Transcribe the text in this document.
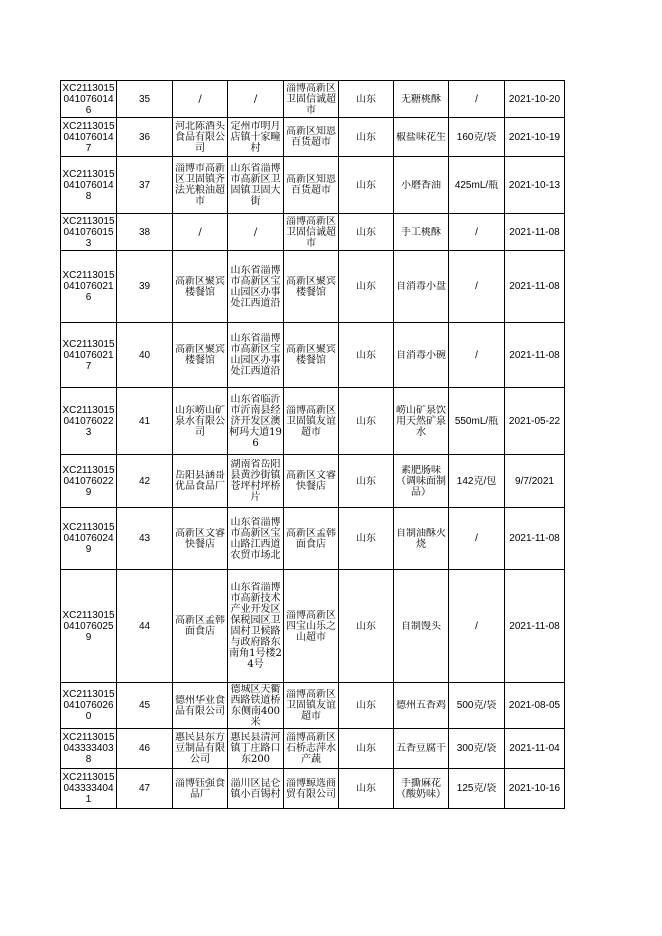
XC2113015041076014 6	35	/	/	淄博高新区卫固信诚超市	山东	无糖桃酥	/	2021-10-20

XC2113015041076014 7	36	河北陈酒头食品有限公司	定州市明月店镇十家疃村	高新区知恩百货超市	山东	椒盐味花生	160克/袋	2021-10-19

XC2113015041076014 8	37	淄博市高新区卫固镇齐法光粮油超市	山东省淄博市高新区卫固镇卫固大街	高新区知恩百货超市	山东	小磨香油	425mL/瓶	2021-10-13

XC2113015041076015 3	38	/	/	淄博高新区卫固信诚超市	山东	手工桃酥	/	2021-11-08

XC2113015041076021 6	39	高新区聚宾楼餐馆	山东省淄博市高新区宝山园区办事处江西道沿	高新区聚宾楼餐馆	山东	自消毒小盘	/	2021-11-08

XC2113015041076021 7	40	高新区聚宾楼餐馆	山东省淄博市高新区宝山园区办事处江西道沿	高新区聚宾楼餐馆	山东	自消毒小碗	/	2021-11-08

XC2113015041076022 3	41	山东崂山矿泉水有限公司	山东省临沂市沂南县经济开发区澳柯玛大道196	淄博高新区卫固镇友谊超市	山东	崂山矿泉饮用天然矿泉水	550mL/瓶	2021-05-22

XC2113015041076022 9	42	岳阳县涵哥优品食品厂	湖南省岳阳县黄沙街镇苍坪村坪桥片	高新区文睿快餐店	山东	素肥肠味（调味面制品）	142克/包	9/7/2021

XC2113015041076024 9	43	高新区文睿快餐店	山东省淄博市高新区宝山路江西道农贸市场北	高新区孟韩面食店	山东	自制油酥火烧	/	2021-11-08

XC2113015041076025 9	44	高新区孟韩面食店	山东省淄博市高新技术产业开发区保税园区卫固村卫候路与政府路东南角1号楼24号	淄博高新区四宝山乐之山超市	山东	自制馒头	/	2021-11-08

XC2113015041076026 0	45	德州华业食品有限公司	德城区天衢西路铁道桥东侧南400米	淄博高新区卫固镇友谊超市	山东	德州五香鸡	500克/袋	2021-08-05

XC2113015043333403 8	46	惠民县东方豆制品有限公司	惠民县清河镇丁庄路口东200	淄博高新区石桥志萍水产蔬	山东	五香豆腐干	300克/袋	2021-11-04

XC2113015043333404 1	47	淄博钰强食品厂	淄川区昆仑镇小百锡村	淄博鲸选商贸有限公司	山东	手撕麻花（酸奶味）	125克/袋	2021-10-16
